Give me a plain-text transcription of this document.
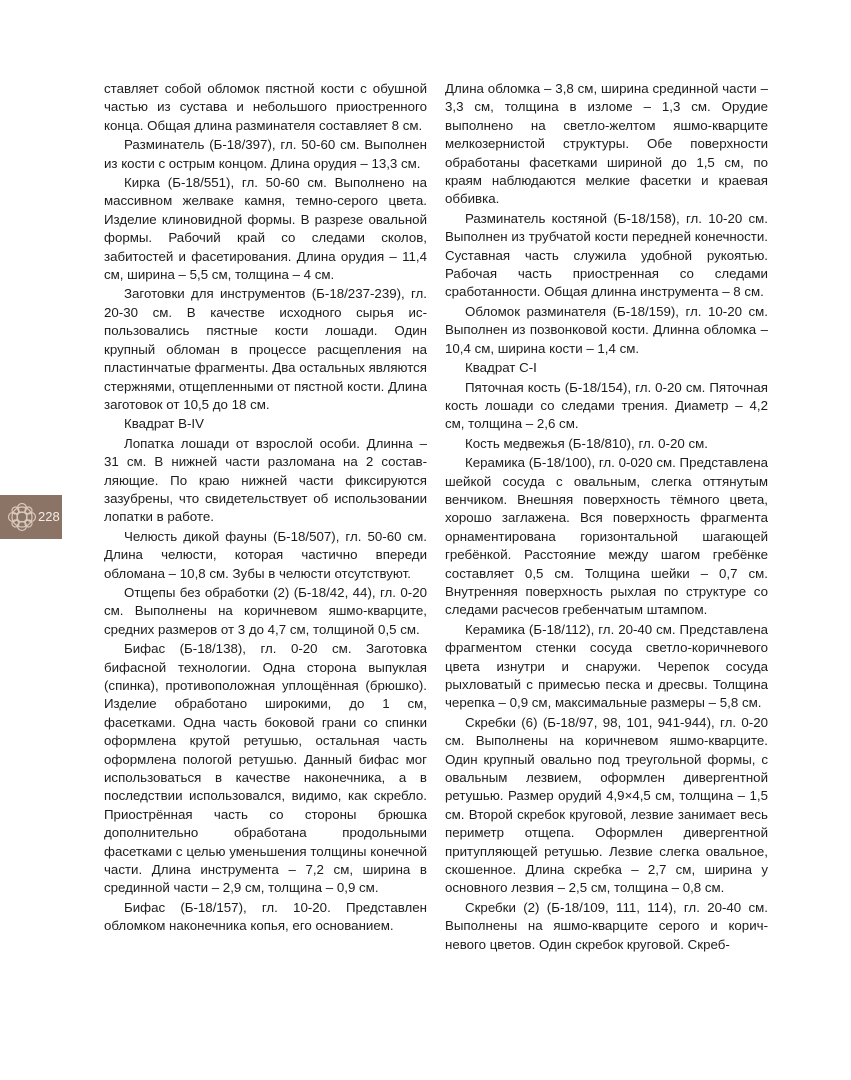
ставляет собой обломок пястной кости с обушной частью из сустава и небольшого приостренного конца. Общая длина разминателя составляет 8 см.

Разминатель (Б-18/397), гл. 50-60 см. Выполнен из кости с острым концом. Длина орудия – 13,3 см.

Кирка (Б-18/551), гл. 50-60 см. Выполнено на массивном желваке камня, темно-серого цвета. Изделие клиновидной формы. В разрезе овальной формы. Рабочий край со следами сколов, забитостей и фасетирования. Длина орудия – 11,4 см, ширина – 5,5 см, толщина – 4 см.

Заготовки для инструментов (Б-18/237-239), гл. 20-30 см. В качестве исходного сырья использовались пястные кости лошади. Один крупный обломан в процессе расщепления на пластинчатые фрагменты. Два остальных являются стержнями, отщепленными от пястной кости. Длина заготовок от 10,5 до 18 см.

Квадрат В-IV

Лопатка лошади от взрослой особи. Длинна – 31 см. В нижней части разломана на 2 составляющие. По краю нижней части фиксируются зазубрены, что свидетельствует об использовании лопатки в работе.

Челюсть дикой фауны (Б-18/507), гл. 50-60 см. Длина челюсти, которая частично впереди обломана – 10,8 см. Зубы в челюсти отсутствуют.

Отщепы без обработки (2) (Б-18/42, 44), гл. 0-20 см. Выполнены на коричневом яшмо-кварците, средних размеров от 3 до 4,7 см, толщиной 0,5 см.

Бифас (Б-18/138), гл. 0-20 см. Заготовка бифасной технологии. Одна сторона выпуклая (спинка), противоположная уплощённая (брюшко). Изделие обработано широкими, до 1 см, фасетками. Одна часть боковой грани со спинки оформлена крутой ретушью, остальная часть оформлена пологой ретушью. Данный бифас мог использоваться в качестве наконечника, а в последствии использовался, видимо, как скребло. Приострённая часть со стороны брюшка дополнительно обработана продольными фасетками с целью уменьшения толщины конечной части. Длина инструмента – 7,2 см, ширина в срединной части – 2,9 см, толщина – 0,9 см.

Бифас (Б-18/157), гл. 10-20. Представлен обломком наконечника копья, его основанием.

Длина обломка – 3,8 см, ширина срединной части – 3,3 см, толщина в изломе – 1,3 см. Орудие выполнено на светло-желтом яшмо-кварците мелкозернистой структуры. Обе поверхности обработаны фасетками шириной до 1,5 см, по краям наблюдаются мелкие фасетки и краевая оббивка.

Разминатель костяной (Б-18/158), гл. 10-20 см. Выполнен из трубчатой кости передней конечности. Суставная часть служила удобной рукоятью. Рабочая часть приостренная со следами сработанности. Общая длинна инструмента – 8 см.

Обломок разминателя (Б-18/159), гл. 10-20 см. Выполнен из позвонковой кости. Длинна обломка – 10,4 см, ширина кости – 1,4 см.

Квадрат С-I

Пяточная кость (Б-18/154), гл. 0-20 см. Пяточная кость лошади со следами трения. Диаметр – 4,2 см, толщина – 2,6 см.

Кость медвежья (Б-18/810), гл. 0-20 см.

Керамика (Б-18/100), гл. 0-020 см. Представлена шейкой сосуда с овальным, слегка оттянутым венчиком. Внешняя поверхность тёмного цвета, хорошо заглажена. Вся поверхность фрагмента орнаментирована горизонтальной шагающей гребёнкой. Расстояние между шагом гребёнке составляет 0,5 см. Толщина шейки – 0,7 см. Внутренняя поверхность рыхлая по структуре со следами расчесов гребенчатым штампом.

Керамика (Б-18/112), гл. 20-40 см. Представлена фрагментом стенки сосуда светло-коричневого цвета изнутри и снаружи. Черепок сосуда рыхловатый с примесью песка и дресвы. Толщина черепка – 0,9 см, максимальные размеры – 5,8 см.

Скребки (6) (Б-18/97, 98, 101, 941-944), гл. 0-20 см. Выполнены на коричневом яшмо-кварците. Один крупный овально под треугольной формы, с овальным лезвием, оформлен дивергентной ретушью. Размер орудий 4,9×4,5 см, толщина – 1,5 см. Второй скребок круговой, лезвие занимает весь периметр отщепа. Оформлен дивергентной притупляющей ретушью. Лезвие слегка овальное, скошенное. Длина скребка – 2,7 см, ширина у основного лезвия – 2,5 см, толщина – 0,8 см.

Скребки (2) (Б-18/109, 111, 114), гл. 20-40 см. Выполнены на яшмо-кварците серого и коричневого цветов. Один скребок круговой. Скреб-

228
